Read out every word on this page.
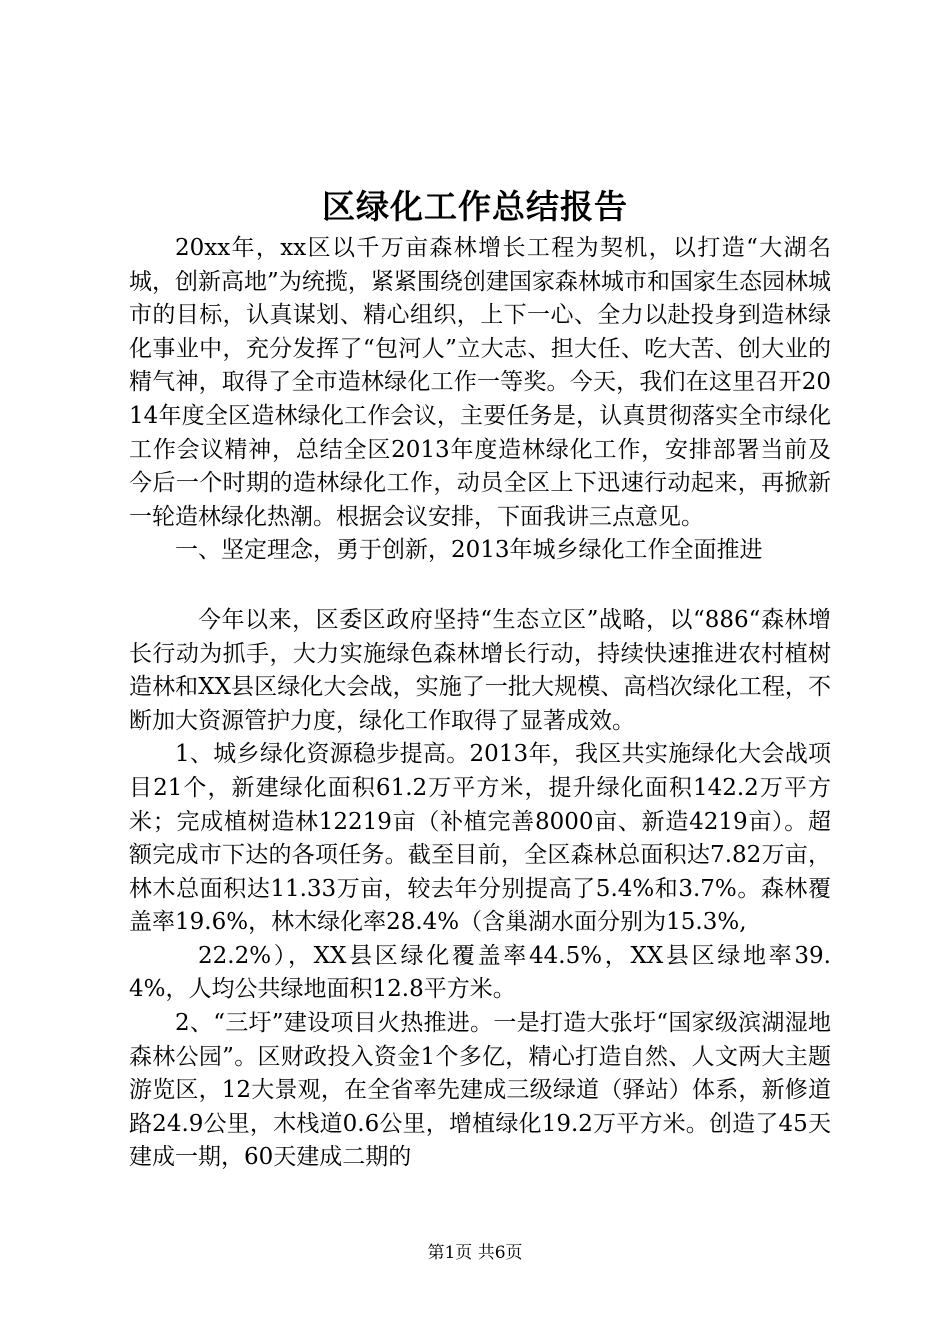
区绿化工作总结报告

20xx年，xx区以千万亩森林增长工程为契机，以打造“大湖名城，创新高地”为统揽，紧紧围绕创建国家森林城市和国家生态园林城市的目标，认真谋划、精心组织，上下一心、全力以赴投身到造林绿化事业中，充分发挥了“包河人”立大志、担大任、吃大苦、创大业的精气神，取得了全市造林绿化工作一等奖。今天，我们在这里召开2014年度全区造林绿化工作会议，主要任务是，认真贯彻落实全市绿化工作会议精神，总结全区2013年度造林绿化工作，安排部署当前及今后一个时期的造林绿化工作，动员全区上下迅速行动起来，再掀新一轮造林绿化热潮。根据会议安排，下面我讲三点意见。

一、坚定理念，勇于创新，2013年城乡绿化工作全面推进

今年以来，区委区政府坚持“生态立区”战略，以“886“森林增长行动为抓手，大力实施绿色森林增长行动，持续快速推进农村植树造林和XX县区绿化大会战，实施了一批大规模、高档次绿化工程，不断加大资源管护力度，绿化工作取得了显著成效。

1、城乡绿化资源稳步提高。2013年，我区共实施绿化大会战项目21个，新建绿化面积61.2万平方米，提升绿化面积142.2万平方米；完成植树造林12219亩（补植完善8000亩、新造4219亩）。超额完成市下达的各项任务。截至目前，全区森林总面积达7.82万亩，林木总面积达11.33万亩，较去年分别提高了5.4%和3.7%。森林覆盖率19.6%，林木绿化率28.4%（含巢湖水面分别为15.3%,

22.2%），XX县区绿化覆盖率44.5%，XX县区绿地率39.4%，人均公共绿地面积12.8平方米。

2、“三圩”建设项目火热推进。一是打造大张圩“国家级滨湖湿地森林公园”。区财政投入资金1个多亿，精心打造自然、人文两大主题游览区，12大景观，在全省率先建成三级绿道（驿站）体系，新修道路24.9公里，木栈道0.6公里，增植绿化19.2万平方米。创造了45天建成一期，60天建成二期的

第1页 共6页
